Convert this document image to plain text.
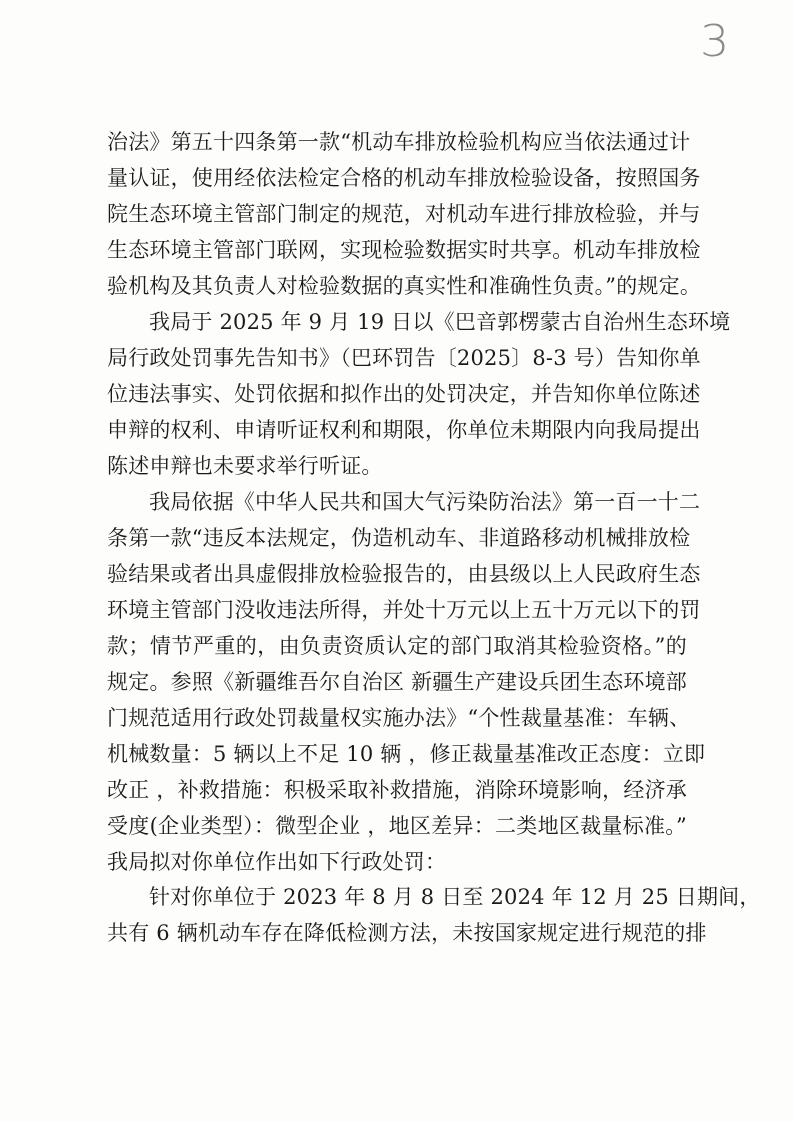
3
治法》第五十四条第一款“机动车排放检验机构应当依法通过计
量认证，使用经依法检定合格的机动车排放检验设备，按照国务
院生态环境主管部门制定的规范，对机动车进行排放检验，并与
生态环境主管部门联网，实现检验数据实时共享。机动车排放检
验机构及其负责人对检验数据的真实性和准确性负责。”的规定。
我局于 2025 年 9 月 19 日以《巴音郭楞蒙古自治州生态环境
局行政处罚事先告知书》（巴环罚告〔2025〕8-3 号）告知你单
位违法事实、处罚依据和拟作出的处罚决定，并告知你单位陈述
申辩的权利、申请听证权利和期限，你单位未期限内向我局提出
陈述申辩也未要求举行听证。
我局依据《中华人民共和国大气污染防治法》第一百一十二
条第一款“违反本法规定，伪造机动车、非道路移动机械排放检
验结果或者出具虚假排放检验报告的，由县级以上人民政府生态
环境主管部门没收违法所得，并处十万元以上五十万元以下的罚
款；情节严重的，由负责资质认定的部门取消其检验资格。”的
规定。参照《新疆维吾尔自治区 新疆生产建设兵团生态环境部
门规范适用行政处罚裁量权实施办法》“个性裁量基准：车辆、
机械数量：5 辆以上不足 10 辆 ，修正裁量基准改正态度：立即
改正 ，补救措施：积极采取补救措施，消除环境影响，经济承
受度(企业类型）：微型企业 ，地区差异：二类地区裁量标准。”
我局拟对你单位作出如下行政处罚：
针对你单位于 2023 年 8 月 8 日至 2024 年 12 月 25 日期间，
共有 6 辆机动车存在降低检测方法，未按国家规定进行规范的排
